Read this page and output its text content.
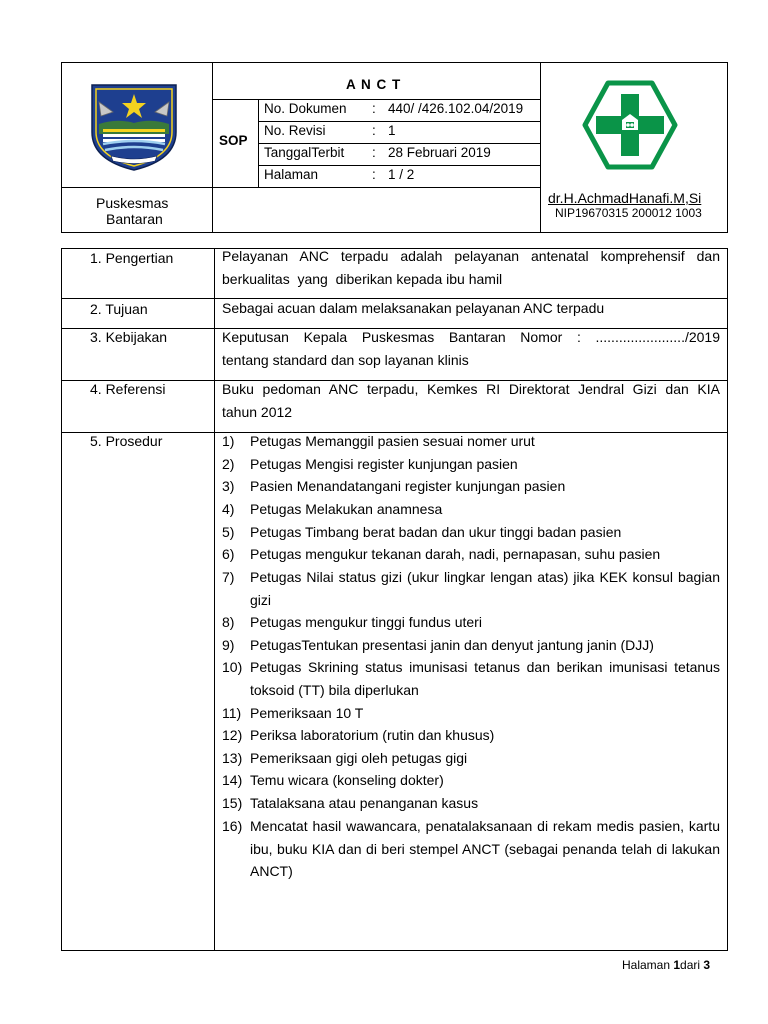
A N C T
SOP
No. Dokumen : 440/ /426.102.04/2019
No. Revisi	: 1
TanggalTerbit : 28 Februari 2019
Halaman	: 1 / 2
Puskesmas
Bantaran
dr.H.AchmadHanafi.M,Si
NIP19670315 200012 1003
1. Pengertian	Pelayanan ANC terpadu adalah pelayanan antenatal komprehensif dan
berkualitas  yang  diberikan kepada ibu hamil
2. Tujuan	Sebagai acuan dalam melaksanakan pelayanan ANC terpadu
3. Kebijakan	Keputusan Kepala Puskesmas Bantaran Nomor : ......................./2019
tentang standard dan sop layanan klinis
4. Referensi	Buku pedoman ANC terpadu, Kemkes RI Direktorat Jendral Gizi dan KIA
tahun 2012
5. Prosedur	1)	Petugas Memanggil pasien sesuai nomer urut
2)	Petugas Mengisi register kunjungan pasien
3)	Pasien Menandatangani register kunjungan pasien
4)	Petugas Melakukan anamnesa
5)	Petugas Timbang berat badan dan ukur tinggi badan pasien
6)	Petugas mengukur tekanan darah, nadi, pernapasan, suhu pasien
7)	Petugas Nilai status gizi (ukur lingkar lengan atas) jika KEK konsul bagian gizi
8)	Petugas mengukur tinggi fundus uteri
9)	PetugasTentukan presentasi janin dan denyut jantung janin (DJJ)
10) Petugas Skrining status imunisasi tetanus dan berikan imunisasi tetanus toksoid (TT) bila diperlukan
11) Pemeriksaan 10 T
12) Periksa laboratorium (rutin dan khusus)
13) Pemeriksaan gigi oleh petugas gigi
14) Temu wicara (konseling dokter)
15) Tatalaksana atau penanganan kasus
16) Mencatat hasil wawancara, penatalaksanaan di rekam medis pasien, kartu ibu, buku KIA dan di beri stempel ANCT (sebagai penanda telah di lakukan ANCT)
Halaman 1dari 3
